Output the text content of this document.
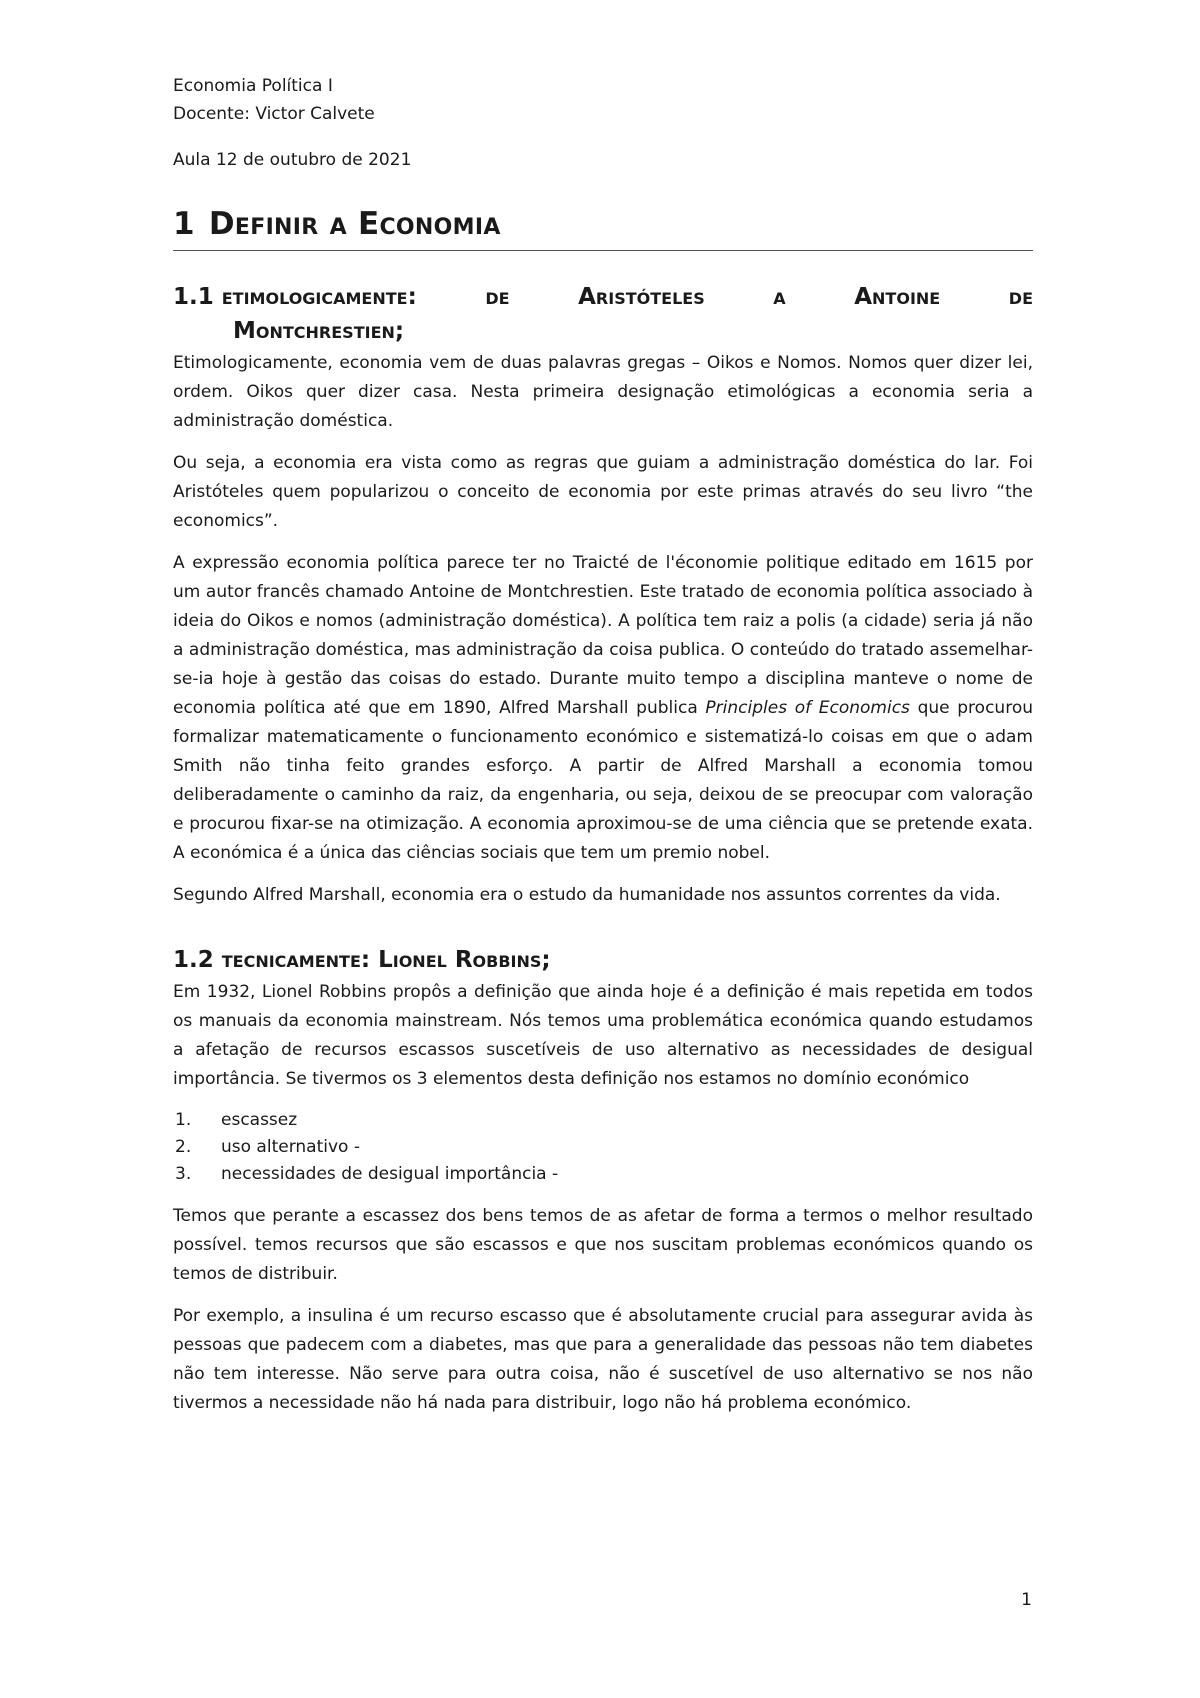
Economia Política I
Docente: Victor Calvete
Aula 12 de outubro de 2021
1 Definir a Economia
1.1 etimologicamente: de Aristóteles a Antoine de
Montchrestien;

Etimologicamente, economia vem de duas palavras gregas – Oikos e Nomos. Nomos quer dizer lei, ordem. Oikos quer dizer casa. Nesta primeira designação etimológicas a economia seria a administração doméstica.

Ou seja, a economia era vista como as regras que guiam a administração doméstica do lar. Foi Aristóteles quem popularizou o conceito de economia por este primas através do seu livro “the economics”.

A expressão economia política parece ter no Traicté de l'économie politique editado em 1615 por um autor francês chamado Antoine de Montchrestien. Este tratado de economia política associado à ideia do Oikos e nomos (administração doméstica). A política tem raiz a polis (a cidade) seria já não a administração doméstica, mas administração da coisa publica. O conteúdo do tratado assemelhar-se-ia hoje à gestão das coisas do estado. Durante muito tempo a disciplina manteve o nome de economia política até que em 1890, Alfred Marshall publica Principles of Economics que procurou formalizar matematicamente o funcionamento económico e sistematizá-lo coisas em que o adam Smith não tinha feito grandes esforço. A partir de Alfred Marshall a economia tomou deliberadamente o caminho da raiz, da engenharia, ou seja, deixou de se preocupar com valoração e procurou fixar-se na otimização. A economia aproximou-se de uma ciência que se pretende exata. A económica é a única das ciências sociais que tem um premio nobel.

Segundo Alfred Marshall, economia era o estudo da humanidade nos assuntos correntes da vida.

1.2 tecnicamente: Lionel Robbins;

Em 1932, Lionel Robbins propôs a definição que ainda hoje é a definição é mais repetida em todos os manuais da economia mainstream. Nós temos uma problemática económica quando estudamos a afetação de recursos escassos suscetíveis de uso alternativo as necessidades de desigual importância. Se tivermos os 3 elementos desta definição nos estamos no domínio económico

1.	escassez
2.	uso alternativo -
3.	necessidades de desigual importância -

Temos que perante a escassez dos bens temos de as afetar de forma a termos o melhor resultado possível. temos recursos que são escassos e que nos suscitam problemas económicos quando os temos de distribuir.

Por exemplo, a insulina é um recurso escasso que é absolutamente crucial para assegurar avida às pessoas que padecem com a diabetes, mas que para a generalidade das pessoas não tem diabetes não tem interesse. Não serve para outra coisa, não é suscetível de uso alternativo se nos não tivermos a necessidade não há nada para distribuir, logo não há problema económico.

1
